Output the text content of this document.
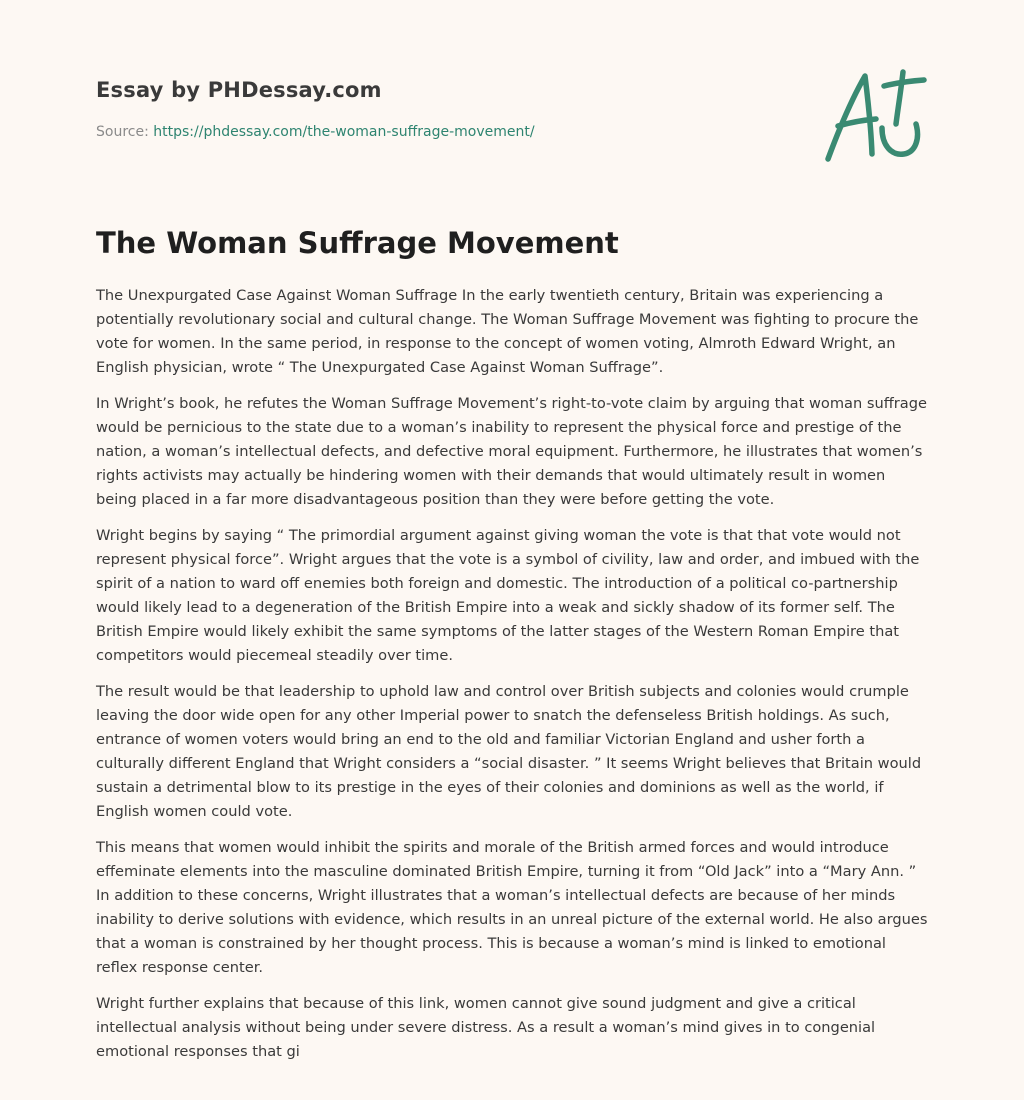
Essay by PHDessay.com

Source: https://phdessay.com/the-woman-suffrage-movement/

The Woman Suffrage Movement

The Unexpurgated Case Against Woman Suffrage In the early twentieth century, Britain was experiencing a potentially revolutionary social and cultural change. The Woman Suffrage Movement was fighting to procure the vote for women. In the same period, in response to the concept of women voting, Almroth Edward Wright, an English physician, wrote “ The Unexpurgated Case Against Woman Suffrage”.

In Wright’s book, he refutes the Woman Suffrage Movement’s right-to-vote claim by arguing that woman suffrage would be pernicious to the state due to a woman’s inability to represent the physical force and prestige of the nation, a woman’s intellectual defects, and defective moral equipment. Furthermore, he illustrates that women’s rights activists may actually be hindering women with their demands that would ultimately result in women being placed in a far more disadvantageous position than they were before getting the vote.

Wright begins by saying “ The primordial argument against giving woman the vote is that that vote would not represent physical force”. Wright argues that the vote is a symbol of civility, law and order, and imbued with the spirit of a nation to ward off enemies both foreign and domestic. The introduction of a political co-partnership would likely lead to a degeneration of the British Empire into a weak and sickly shadow of its former self. The British Empire would likely exhibit the same symptoms of the latter stages of the Western Roman Empire that competitors would piecemeal steadily over time.

The result would be that leadership to uphold law and control over British subjects and colonies would crumple leaving the door wide open for any other Imperial power to snatch the defenseless British holdings. As such, entrance of women voters would bring an end to the old and familiar Victorian England and usher forth a culturally different England that Wright considers a “social disaster. ” It seems Wright believes that Britain would sustain a detrimental blow to its prestige in the eyes of their colonies and dominions as well as the world, if English women could vote.

This means that women would inhibit the spirits and morale of the British armed forces and would introduce effeminate elements into the masculine dominated British Empire, turning it from “Old Jack” into a “Mary Ann. ” In addition to these concerns, Wright illustrates that a woman’s intellectual defects are because of her minds inability to derive solutions with evidence, which results in an unreal picture of the external world. He also argues that a woman is constrained by her thought process. This is because a woman’s mind is linked to emotional reflex response center.

Wright further explains that because of this link, women cannot give sound judgment and give a critical intellectual analysis without being under severe distress. As a result a woman’s mind gives in to congenial emotional responses that gi
